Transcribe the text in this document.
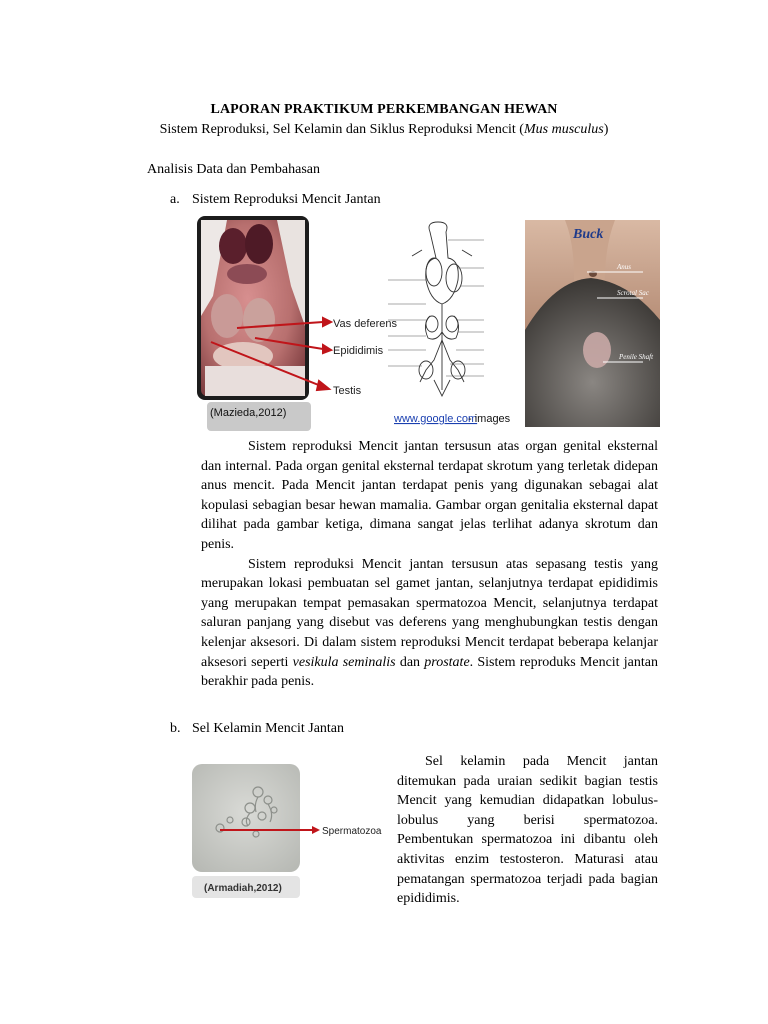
LAPORAN PRAKTIKUM PERKEMBANGAN HEWAN
Sistem Reproduksi, Sel Kelamin dan Siklus Reproduksi Mencit (Mus musculus)
Analisis Data dan Pembahasan
a. Sistem Reproduksi Mencit Jantan
Vas deferens
Epididimis
Testis
(Mazieda,2012)	www.google.com
- images
Buck
Anus
Scrotal Sac
Penile Shaft
Sistem reproduksi Mencit jantan tersusun atas organ genital eksternal dan internal. Pada organ genital eksternal terdapat skrotum yang terletak didepan anus mencit. Pada Mencit jantan terdapat penis yang digunakan sebagai alat kopulasi sebagian besar hewan mamalia. Gambar organ genitalia eksternal dapat dilihat pada gambar ketiga, dimana sangat jelas terlihat adanya skrotum dan penis.
Sistem reproduksi Mencit jantan tersusun atas sepasang testis yang merupakan lokasi pembuatan sel gamet jantan, selanjutnya terdapat epididimis yang merupakan tempat pemasakan spermatozoa Mencit, selanjutnya terdapat saluran panjang yang disebut vas deferens yang menghubungkan testis dengan kelenjar aksesori. Di dalam sistem reproduksi Mencit terdapat beberapa kelanjar aksesori seperti vesikula seminalis dan prostate. Sistem reproduks Mencit jantan berakhir pada penis.
b. Sel Kelamin Mencit Jantan
Spermatozoa
(Armadiah,2012)
Sel kelamin pada Mencit jantan ditemukan pada uraian sedikit bagian testis Mencit yang kemudian didapatkan lobulus-lobulus yang berisi spermatozoa. Pembentukan spermatozoa ini dibantu oleh aktivitas enzim testosteron. Maturasi atau pematangan spermatozoa terjadi pada bagian epididimis.
